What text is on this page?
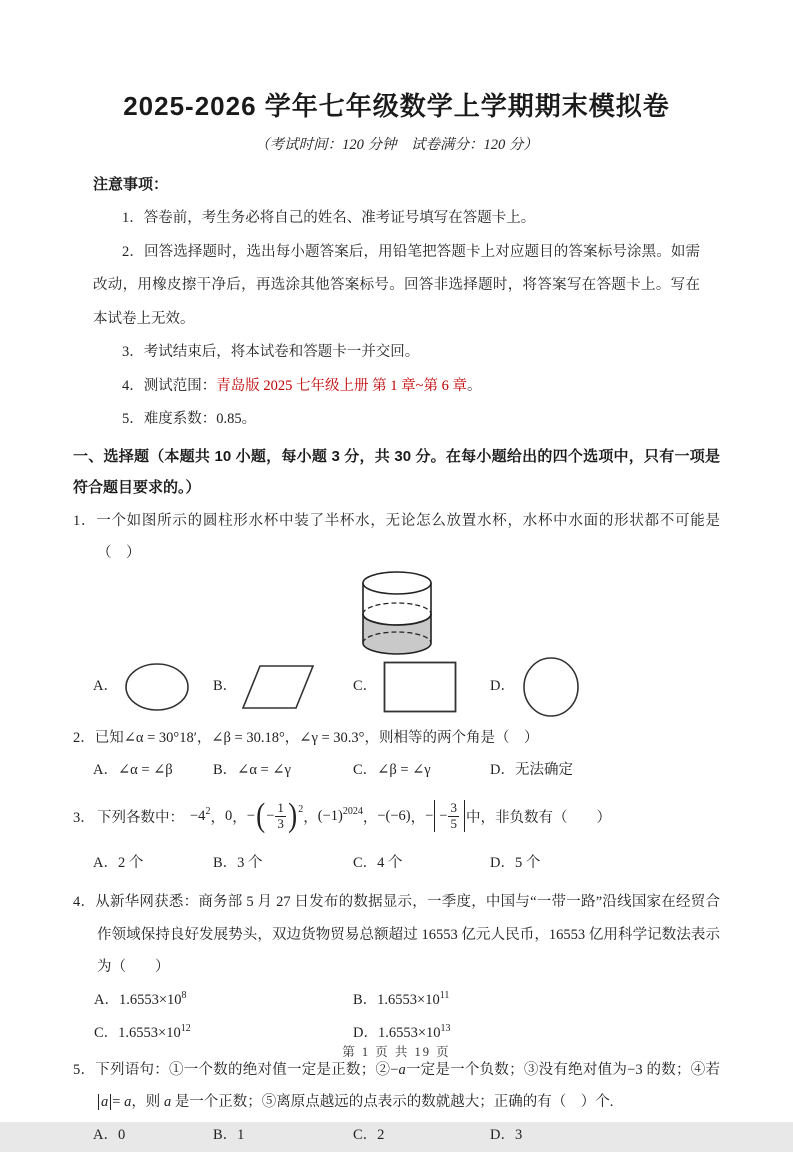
2025-2026 学年七年级数学上学期期末模拟卷

（考试时间：120 分钟　试卷满分：120 分）

注意事项：

1．答卷前，考生务必将自己的姓名、准考证号填写在答题卡上。

2．回答选择题时，选出每小题答案后，用铅笔把答题卡上对应题目的答案标号涂黑。如需改动，用橡皮擦干净后，再选涂其他答案标号。回答非选择题时，将答案写在答题卡上。写在本试卷上无效。

3．考试结束后，将本试卷和答题卡一并交回。

4．测试范围：青岛版 2025 七年级上册 第 1 章~第 6 章。

5．难度系数：0.85。

一、选择题（本题共 10 小题，每小题 3 分，共 30 分。在每小题给出的四个选项中，只有一项是符合题目要求的。）

1．一个如图所示的圆柱形水杯中装了半杯水，无论怎么放置水杯，水杯中水面的形状都不可能是（　）

A．	B．	C．	D．

2．已知∠α = 30°18′，∠β = 30.18°，∠γ = 30.3°，则相等的两个角是（　）

A．∠α = ∠β	B．∠α = ∠γ	C．∠β = ∠γ	D．无法确定
3． 下列各数中： $-4^2$ ， 0 ， − ( − $\frac{1}{3}$ ) 2
， $(-1)^{2024}$ ， −(−6) ， − − $\frac{3}{5}$ 中，非负数有（　　）
A．2 个	B．3 个	C．4 个	D．5 个

4．从新华网获悉：商务部 5 月 27 日发布的数据显示，一季度，中国与“一带一路”沿线国家在经贸合作领域保持良好发展势头，双边货物贸易总额超过 16553 亿元人民币，16553 亿用科学记数法表示为（　　）

A．$1.6553\times 10^8$	B．$1.6553\times 10^{11}$
C．$1.6553\times 10^{12}$	D．$1.6553\times 10^{13}$

5．下列语句：①一个数的绝对值一定是正数；②−a一定是一个负数；③没有绝对值为−3 的数；④若a = a，则 a 是一个正数；⑤离原点越远的点表示的数就越大；正确的有（　）个.

A．0	B．1	C．2	D．3
第 1 页 共 19 页
